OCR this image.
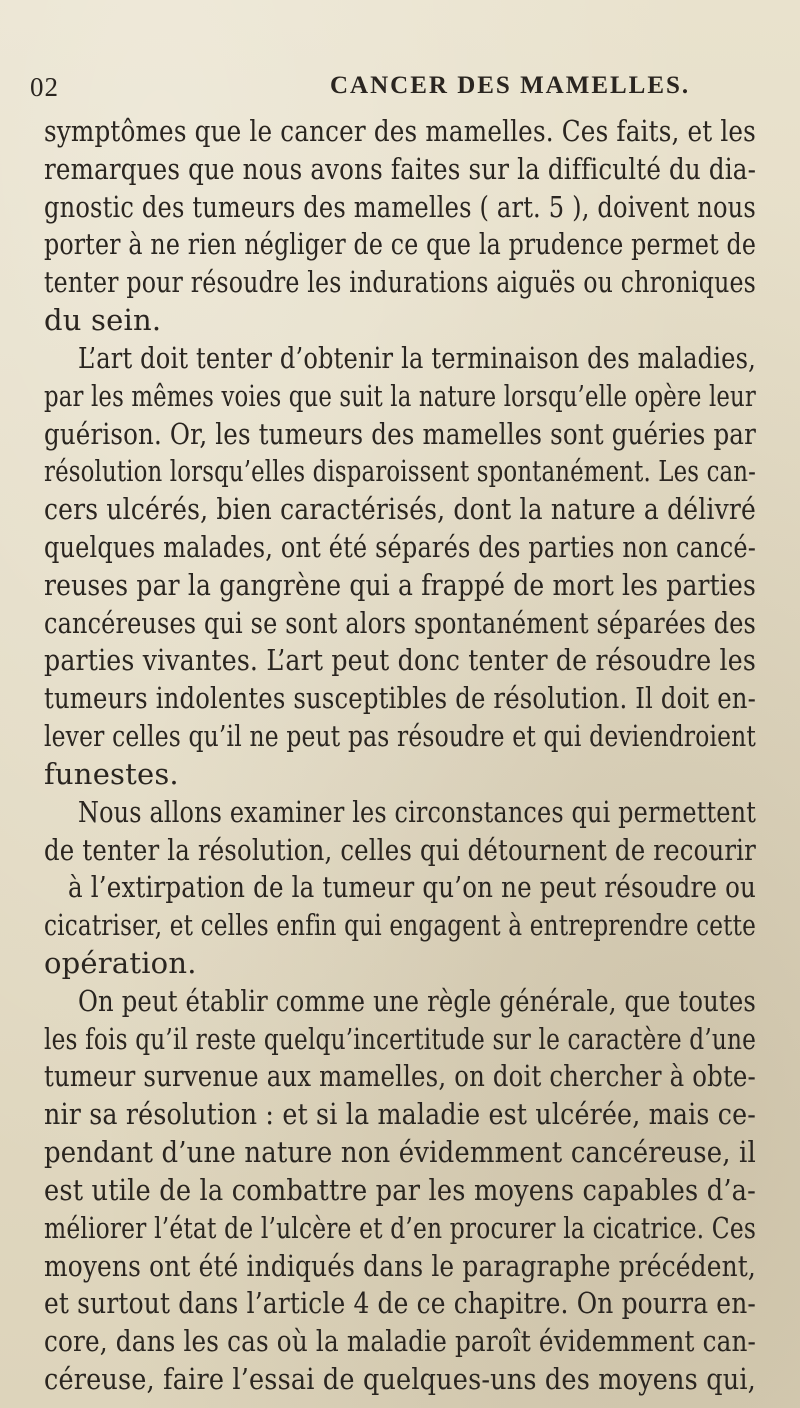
02	CANCER DES MAMELLES.
symptômes que le cancer des mamelles. Ces faits, et les
remarques que nous avons faites sur la difficulté du dia-
gnostic des tumeurs des mamelles ( art. 5 ), doivent nous
porter à ne rien négliger de ce que la prudence permet de
tenter pour résoudre les indurations aiguës ou chroniques
du sein.
L’art doit tenter d’obtenir la terminaison des maladies,
par les mêmes voies que suit la nature lorsqu’elle opère leur
guérison. Or, les tumeurs des mamelles sont guéries par
résolution lorsqu’elles disparoissent spontanément. Les can-
cers ulcérés, bien caractérisés, dont la nature a délivré
quelques malades, ont été séparés des parties non cancé-
reuses par la gangrène qui a frappé de mort les parties
cancéreuses qui se sont alors spontanément séparées des
parties vivantes. L’art peut donc tenter de résoudre les
tumeurs indolentes susceptibles de résolution. Il doit en-
lever celles qu’il ne peut pas résoudre et qui deviendroient
funestes.
Nous allons examiner les circonstances qui permettent
de tenter la résolution, celles qui détournent de recourir
à l’extirpation de la tumeur qu’on ne peut résoudre ou
cicatriser, et celles enfin qui engagent à entreprendre cette
opération.
On peut établir comme une règle générale, que toutes
les fois qu’il reste quelqu’incertitude sur le caractère d’une
tumeur survenue aux mamelles, on doit chercher à obte-
nir sa résolution : et si la maladie est ulcérée, mais ce-
pendant d’une nature non évidemment cancéreuse, il
est utile de la combattre par les moyens capables d’a-
méliorer l’état de l’ulcère et d’en procurer la cicatrice. Ces
moyens ont été indiqués dans le paragraphe précédent,
et surtout dans l’article 4 de ce chapitre. On pourra en-
core, dans les cas où la maladie paroît évidemment can-
céreuse, faire l’essai de quelques-uns des moyens qui,
